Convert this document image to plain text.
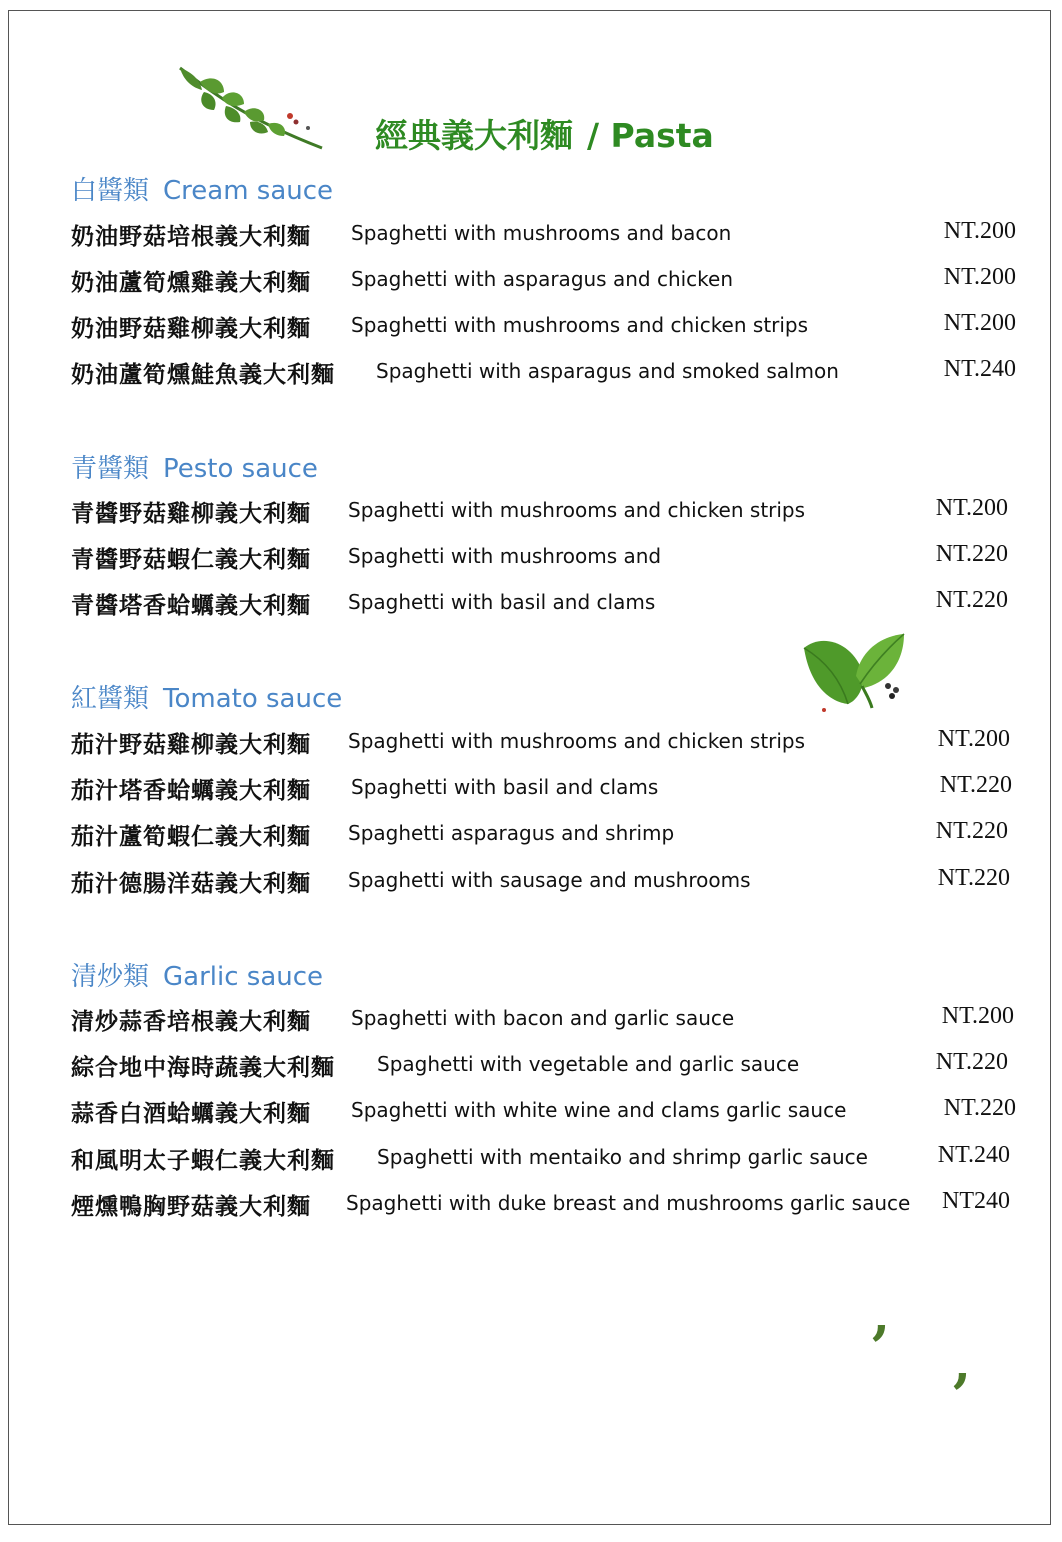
經典義大利麵 / Pasta
白醬類 Cream sauce
奶油野菇培根義大利麵 Spaghetti with mushrooms and bacon	NT.200
奶油蘆筍燻雞義大利麵 Spaghetti with asparagus and chicken	NT.200
奶油野菇雞柳義大利麵 Spaghetti with mushrooms and chicken strips	NT.200
奶油蘆筍燻鮭魚義大利麵 Spaghetti with asparagus and smoked salmon	NT.240
青醬類 Pesto sauce
青醬野菇雞柳義大利麵 Spaghetti with mushrooms and chicken strips	NT.200
青醬野菇蝦仁義大利麵 Spaghetti with mushrooms and	NT.220
青醬塔香蛤蠣義大利麵 Spaghetti with basil and clams	NT.220
紅醬類 Tomato sauce
茄汁野菇雞柳義大利麵 Spaghetti with mushrooms and chicken strips	NT.200
茄汁塔香蛤蠣義大利麵 Spaghetti with basil and clams	NT.220
茄汁蘆筍蝦仁義大利麵 Spaghetti asparagus and shrimp	NT.220
茄汁德腸洋菇義大利麵 Spaghetti with sausage and mushrooms	NT.220
清炒類 Garlic sauce
清炒蒜香培根義大利麵 Spaghetti with bacon and garlic sauce	NT.200
綜合地中海時蔬義大利麵 Spaghetti with vegetable and garlic sauce	NT.220
蒜香白酒蛤蠣義大利麵 Spaghetti with white wine and clams garlic sauce	NT.220
和風明太子蝦仁義大利麵 Spaghetti with mentaiko and shrimp garlic sauce	NT.240
煙燻鴨胸野菇義大利麵 Spaghetti with duke breast and mushrooms garlic sauce NT240
,
,
